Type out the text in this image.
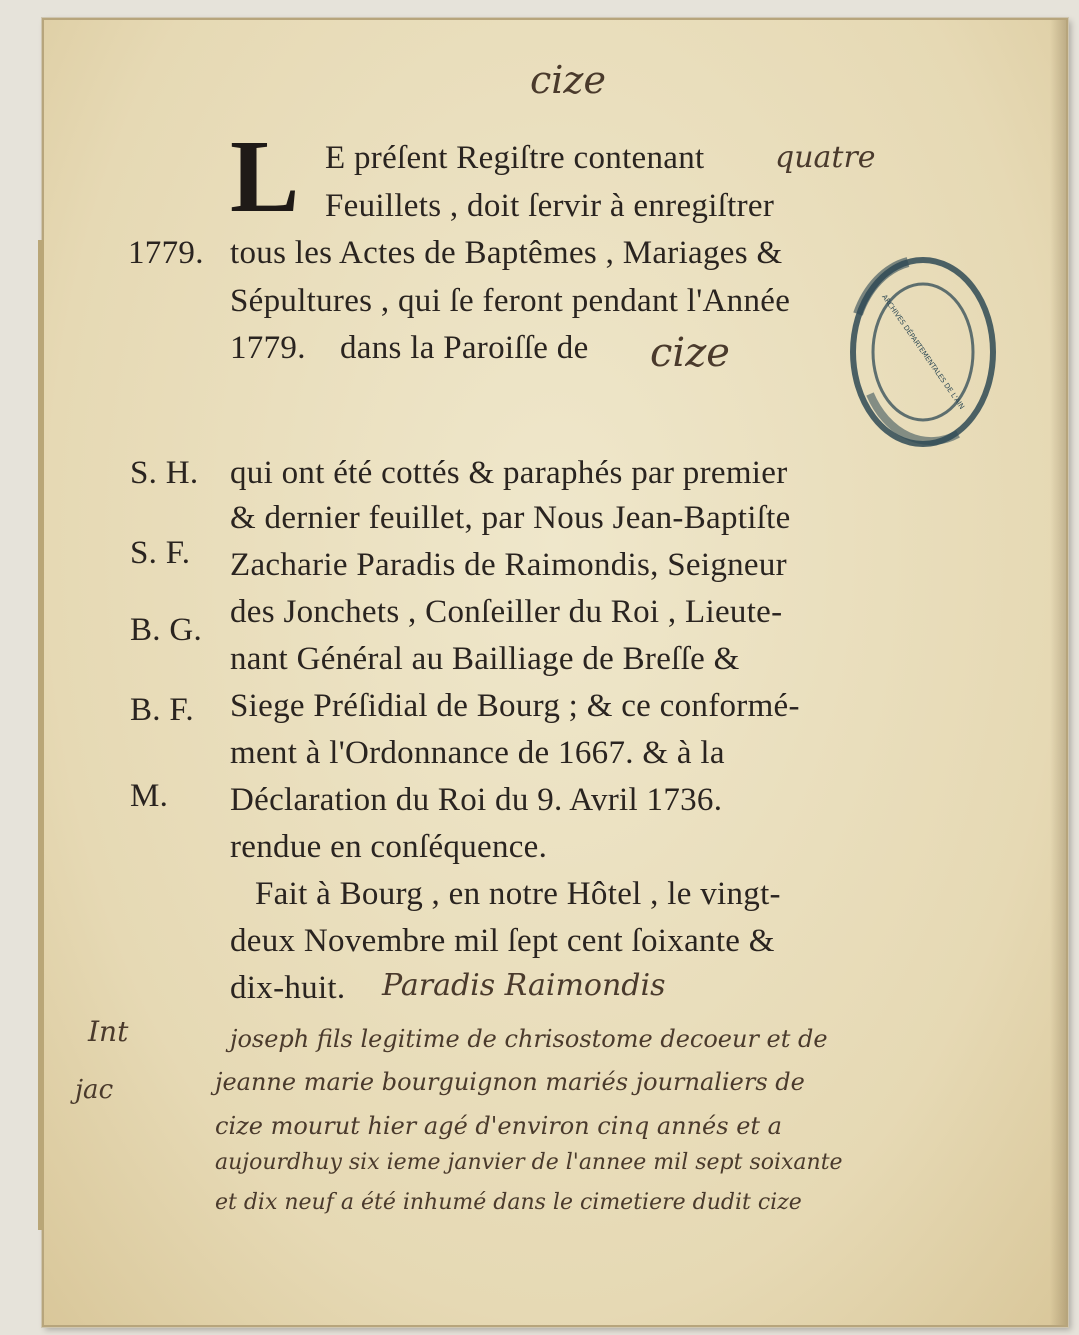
cize
L E préſent Regiſtre contenant
Feuillets , doit ſervir à enregiſtrer
tous les Actes de Baptêmes , Mariages &
Sépultures , qui ſe feront pendant l'Année
dans la Paroiſſe de
qui ont été cottés & paraphés par premier
& dernier feuillet, par Nous Jean-Baptiſte
Zacharie Paradis de Raimondis, Seigneur
des Jonchets , Conſeiller du Roi , Lieute-
nant Général au Bailliage de Breſſe &
Siege Préſidial de Bourg ; & ce conformé-
ment à l'Ordonnance de 1667. & à la
Déclaration du Roi du 9. Avril 1736.
rendue en conſéquence.
Fait à Bourg , en notre Hôtel , le vingt-
deux Novembre mil ſept cent ſoixante &
dix-huit.
1779.
1779.
S. H.
S. F.
B. G.
B. F.
M.
quatre
cize
Paradis Raimondis
ARCHIVES DÉPARTEMENTALES DE L'AIN
Int
jac
joseph fils legitime de chrisostome decoeur et de
jeanne marie bourguignon mariés journaliers de
cize mourut hier agé d'environ cinq annés et a
aujourdhuy six ieme janvier de l'annee mil sept soixante
et dix neuf a été inhumé dans le cimetiere dudit cize
